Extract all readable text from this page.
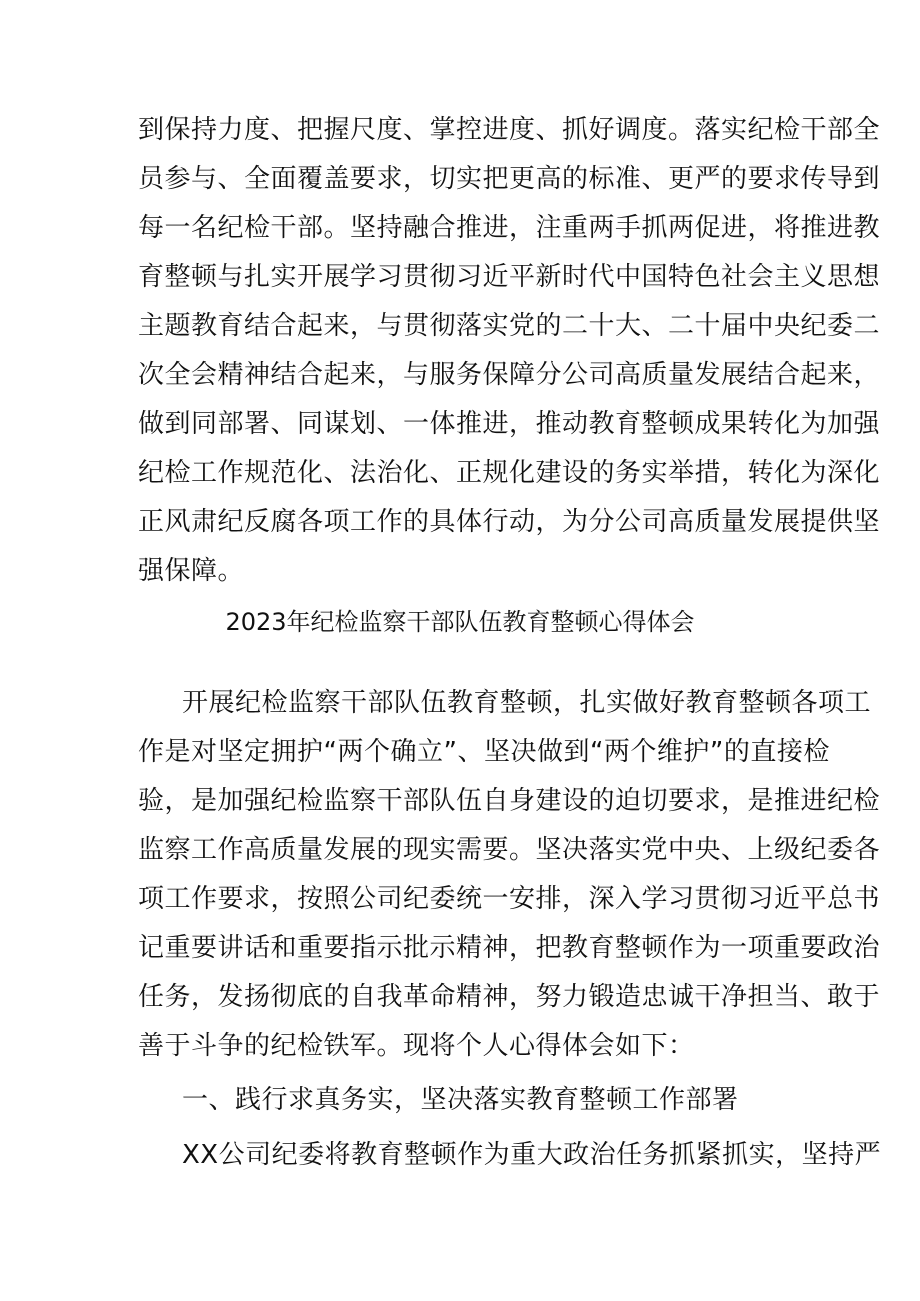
到保持力度、把握尺度、掌控进度、抓好调度。落实纪检干部全
员参与、全面覆盖要求，切实把更高的标准、更严的要求传导到
每一名纪检干部。坚持融合推进，注重两手抓两促进，将推进教
育整顿与扎实开展学习贯彻习近平新时代中国特色社会主义思想
主题教育结合起来，与贯彻落实党的二十大、二十届中央纪委二
次全会精神结合起来，与服务保障分公司高质量发展结合起来，
做到同部署、同谋划、一体推进，推动教育整顿成果转化为加强
纪检工作规范化、法治化、正规化建设的务实举措，转化为深化
正风肃纪反腐各项工作的具体行动，为分公司高质量发展提供坚
强保障。
2023年纪检监察干部队伍教育整顿心得体会
开展纪检监察干部队伍教育整顿，扎实做好教育整顿各项工
作是对坚定拥护“两个确立”、坚决做到“两个维护”的直接检
验，是加强纪检监察干部队伍自身建设的迫切要求，是推进纪检
监察工作高质量发展的现实需要。坚决落实党中央、上级纪委各
项工作要求，按照公司纪委统一安排，深入学习贯彻习近平总书
记重要讲话和重要指示批示精神，把教育整顿作为一项重要政治
任务，发扬彻底的自我革命精神，努力锻造忠诚干净担当、敢于
善于斗争的纪检铁军。现将个人心得体会如下：
一、践行求真务实，坚决落实教育整顿工作部署
XX公司纪委将教育整顿作为重大政治任务抓紧抓实，坚持严
